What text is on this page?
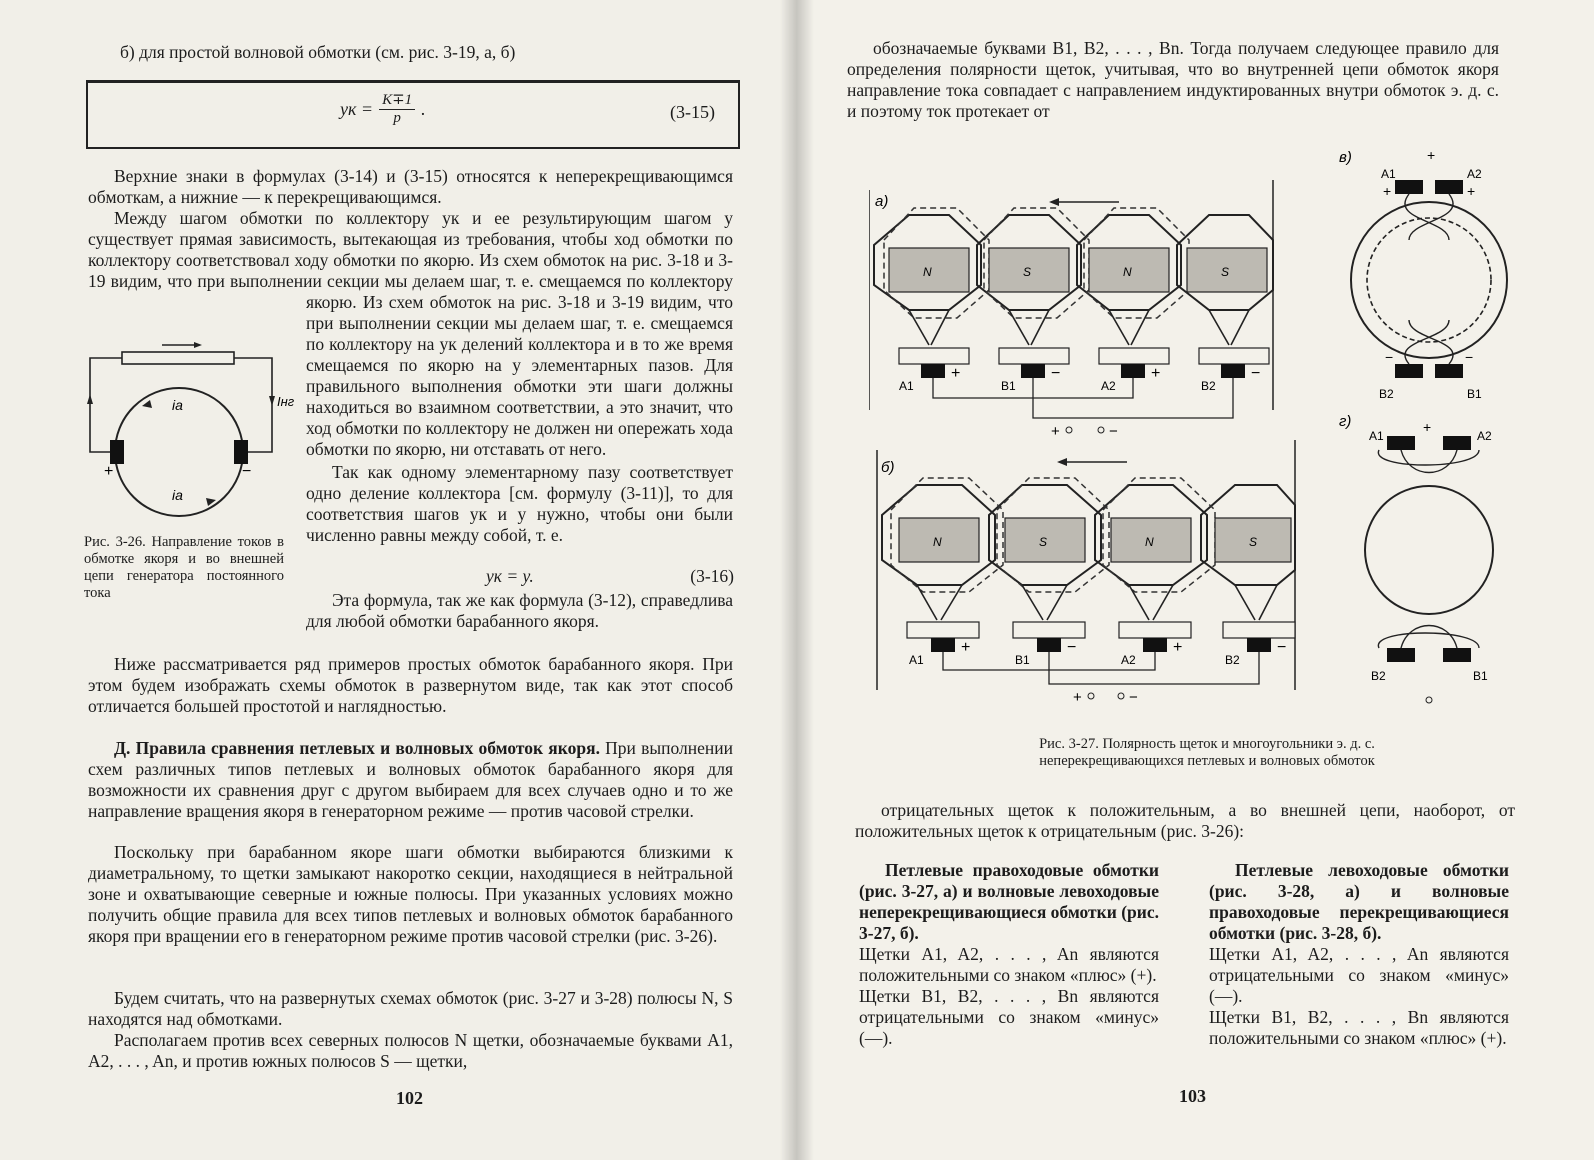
б) для простой волновой обмотки (см. рис. 3-19, а, б)
yк = $\frac{K\mp 1}{p}$ .	(3-15)
Верхние знаки в формулах (3-14) и (3-15) относятся к неперекрещивающимся обмоткам, а нижние — к перекрещивающимся.
Между шагом обмотки по коллектору yк и ее результирующим шагом y существует прямая зависимость, вытекающая из требования, чтобы ход обмотки по коллектору соответствовал ходу обмотки по якорю. Из схем обмоток на рис. 3-18 и 3-19 видим, что при выполнении секции мы делаем шаг, т. е. смещаемся по коллектору
якорю. Из схем обмоток на рис. 3-18 и 3-19 видим, что при выполнении секции мы делаем шаг, т. е. смещаемся по коллектору на yк делений коллектора и в то же время смещаемся по якорю на y элементарных пазов. Для правильного выполнения обмотки эти шаги должны находиться во взаимном соответствии, а это значит, что ход обмотки по коллектору не должен ни опережать хода обмотки по якорю, ни отставать от него.
ia
ia
Iнг
+	−
Рис. 3-26. Направление токов в обмотке якоря и во внешней цепи генератора постоянного тока
Так как одному элементарному пазу соответствует одно деление коллектора [см. формулу (3-11)], то для соответствия шагов yк и y нужно, чтобы они были численно равны между собой, т. е.
yк = y.	(3-16)
Эта формула, так же как формула (3-12), справедлива для любой обмотки барабанного якоря.
Ниже рассматривается ряд примеров простых обмоток барабанного якоря. При этом будем изображать схемы обмоток в развернутом виде, так как этот способ отличается большей простотой и наглядностью.
Д. Правила сравнения петлевых и волновых обмоток якоря. При выполнении схем различных типов петлевых и волновых обмоток барабанного якоря для возможности их сравнения друг с другом выбираем для всех случаев одно и то же направление вращения якоря в генераторном режиме — против часовой стрелки.
Поскольку при барабанном якоре шаги обмотки выбираются близкими к диаметральному, то щетки замыкают накоротко секции, находящиеся в нейтральной зоне и охватывающие северные и южные полюсы. При указанных условиях можно получить общие правила для всех типов петлевых и волновых обмоток барабанного якоря при вращении его в генераторном режиме против часовой стрелки (рис. 3-26).
Будем считать, что на развернутых схемах обмоток (рис. 3-27 и 3-28) полюсы N, S находятся над обмотками.
Располагаем против всех северных полюсов N щетки, обозначаемые буквами A1, A2, . . . , An, и против южных полюсов S — щетки,
102
обозначаемые буквами B1, B2, . . . , Bn. Тогда получаем следующее правило для определения полярности щеток, учитывая, что во внутренней цепи обмоток якоря направление тока совпадает с направлением индуктированных внутри обмоток э. д. с. и поэтому ток протекает от
а)
N	S	N	S
A1	B1	A2	B2
+	−	+	−
+	−
б)
N	S	N	S
A1	B1	A2	B2
+	−	+	−
+	−
в)
A1	A2
B2	B1
+	+
+
−	−
г)
A1	A2
B2	B1
+
Рис. 3-27. Полярность щеток и многоугольники э. д. с.
неперекрещивающихся петлевых и волновых обмоток
отрицательных щеток к положительным, а во внешней цепи, наоборот, от положительных щеток к отрицательным (рис. 3-26):

Петлевые правоходовые обмотки (рис. 3-27, а) и волновые левоходовые неперекрещивающиеся обмотки (рис. 3-27, б).

Щетки A1, A2, . . . , An являются положительными со знаком «плюс» (+).

Щетки B1, B2, . . . , Bn являются отрицательными со знаком «минус» (—).

Петлевые левоходовые обмотки (рис. 3-28, а) и волновые правоходовые перекрещивающиеся обмотки (рис. 3-28, б).

Щетки A1, A2, . . . , An являются отрицательными со знаком «минус» (—).

Щетки B1, B2, . . . , Bn являются положительными со знаком «плюс» (+).

103
